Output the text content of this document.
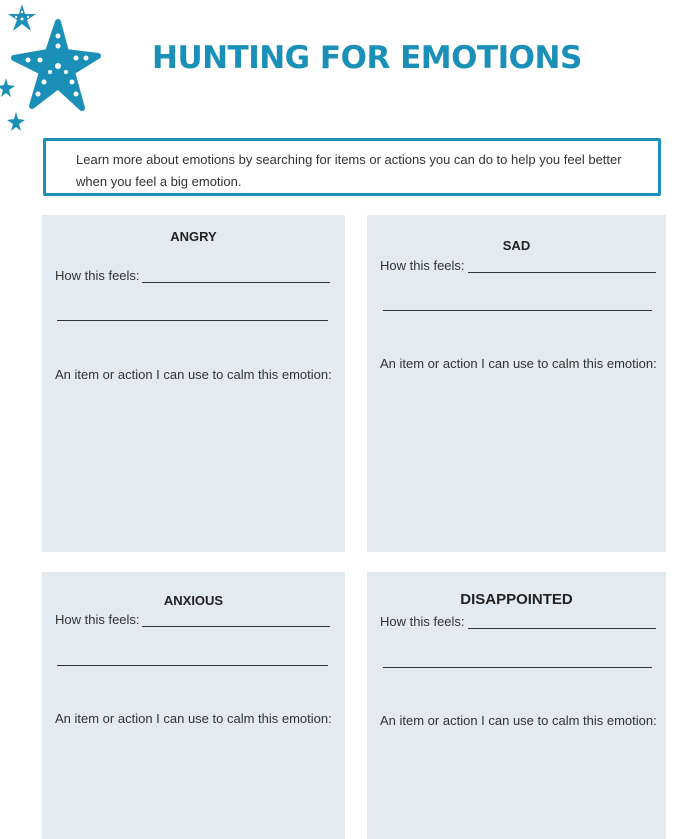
HUNTING FOR EMOTIONS
Learn more about emotions by searching for items or actions you can do to help you feel better when you feel a big emotion.
ANGRY
How this feels:
An item or action I can use to calm this emotion:
SAD
How this feels:
An item or action I can use to calm this emotion:
ANXIOUS
How this feels:
An item or action I can use to calm this emotion:
DISAPPOINTED
How this feels:
An item or action I can use to calm this emotion:
